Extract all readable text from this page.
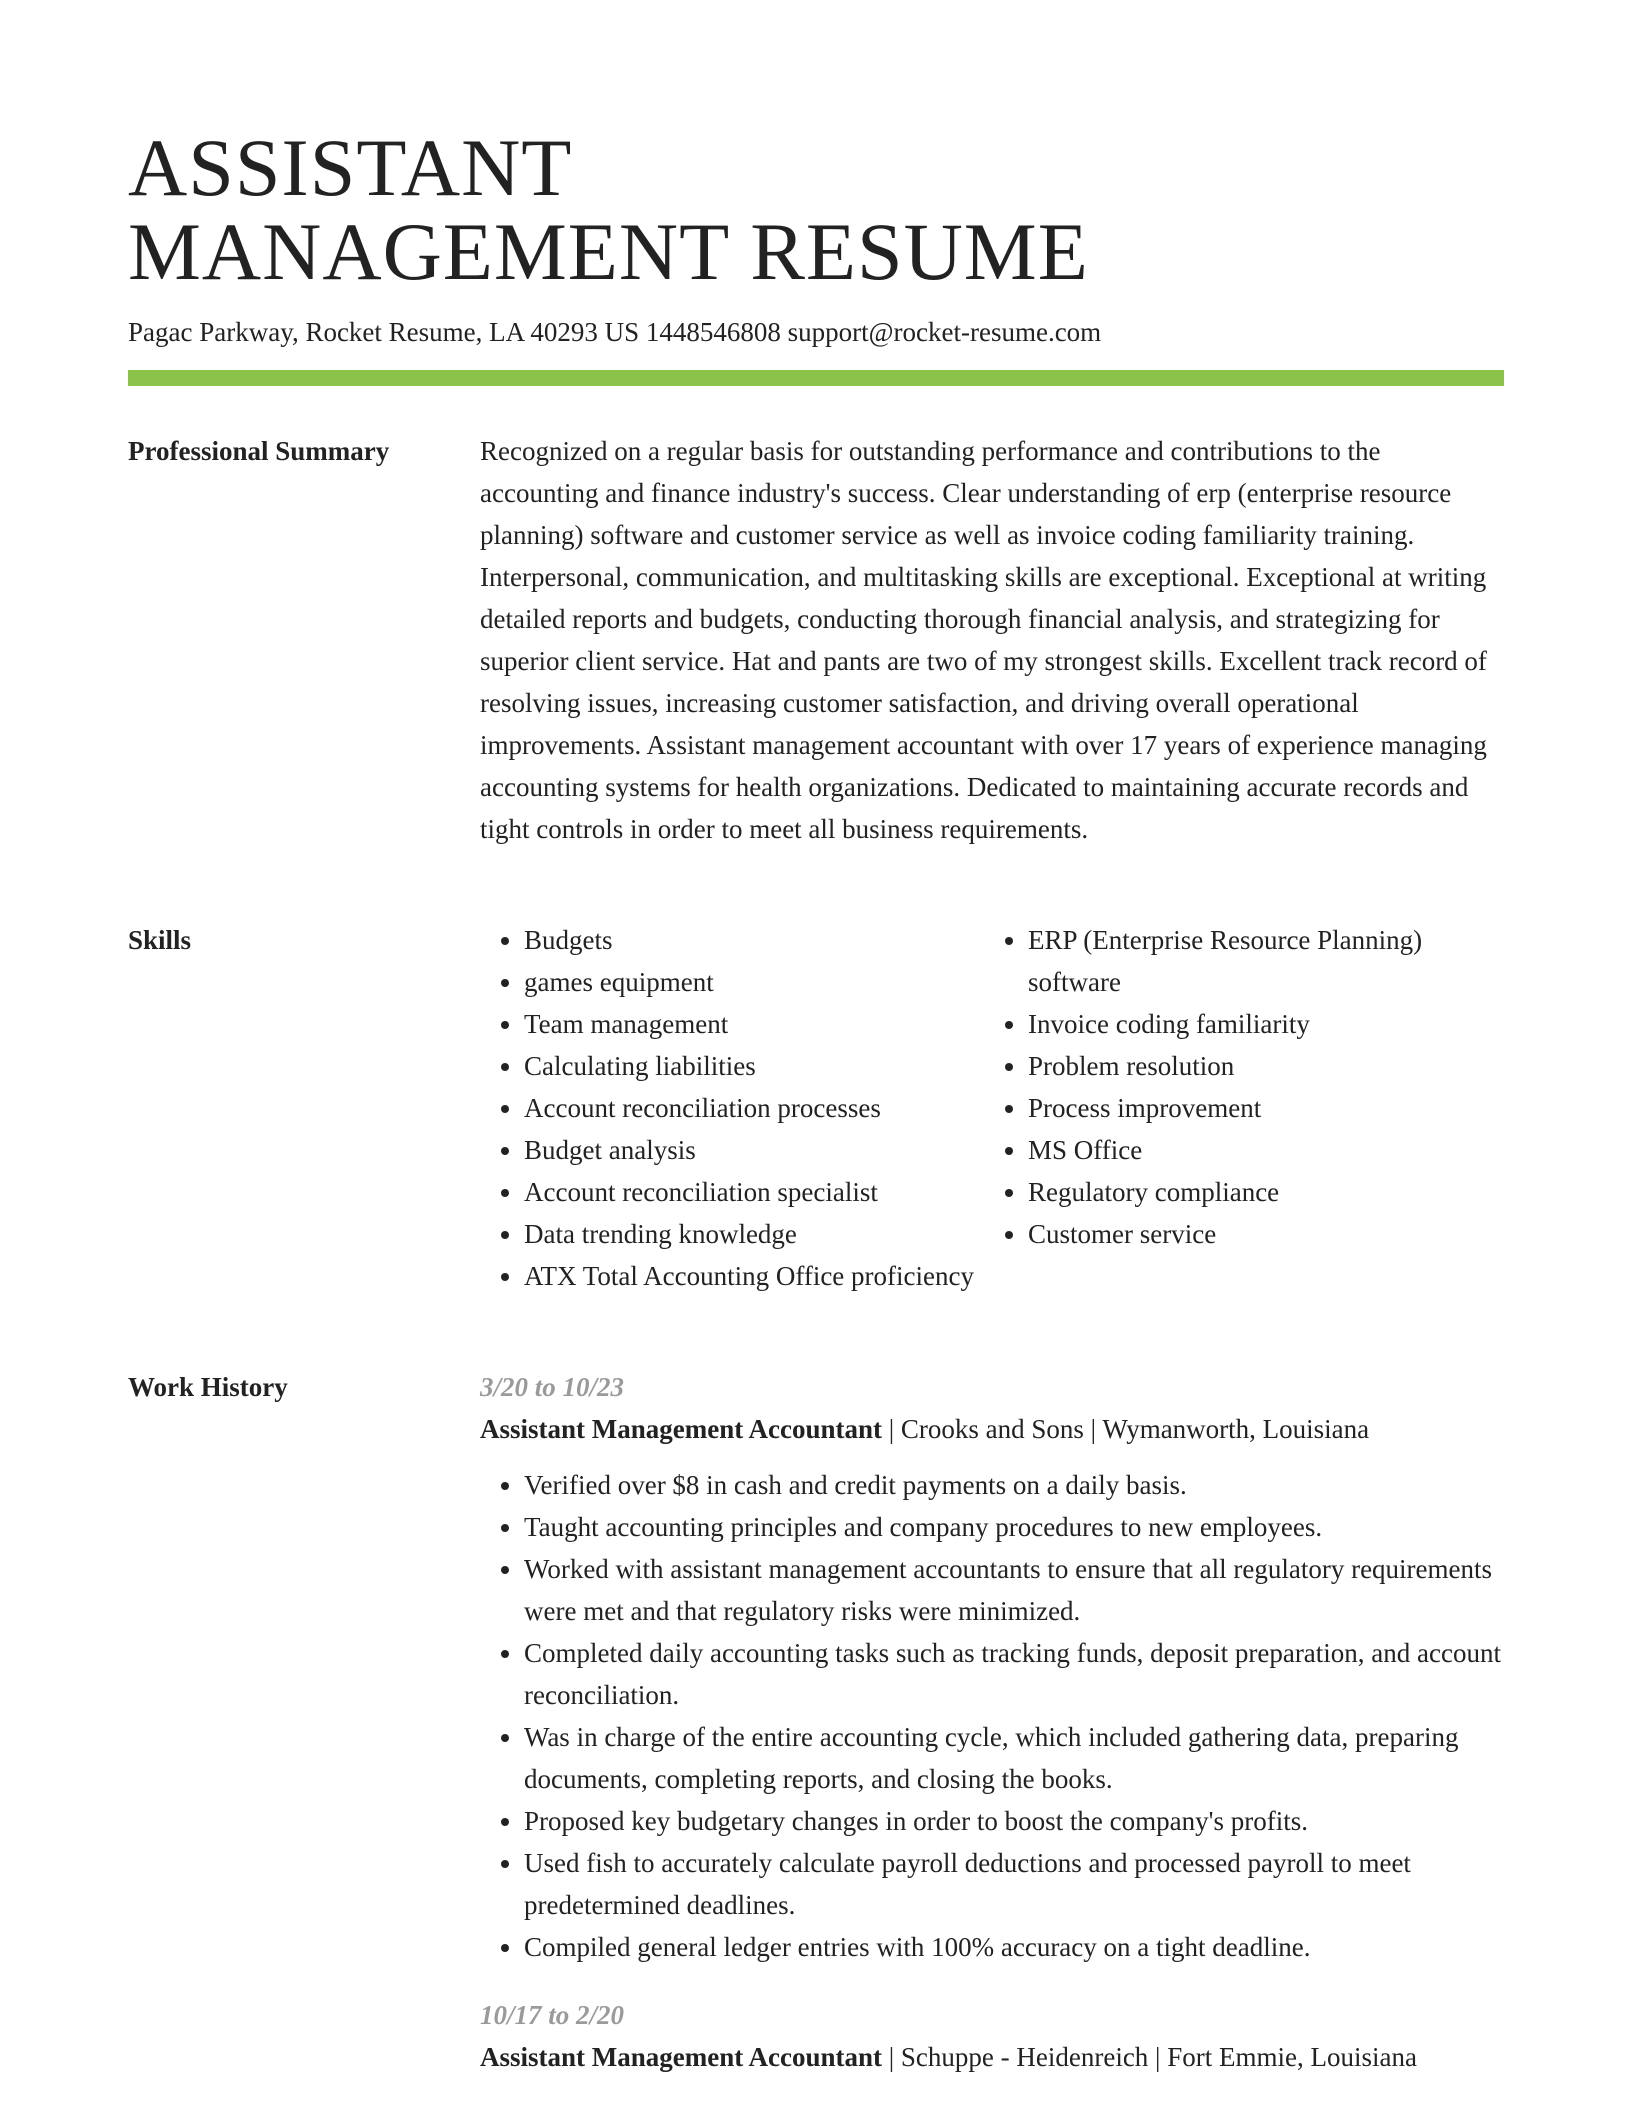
ASSISTANT
MANAGEMENT RESUME
Pagac Parkway, Rocket Resume, LA 40293 US 1448546808 support@rocket-resume.com
Professional Summary	Recognized on a regular basis for outstanding performance and contributions to the accounting and finance industry's success. Clear understanding of erp (enterprise resource planning) software and customer service as well as invoice coding familiarity training. Interpersonal, communication, and multitasking skills are exceptional. Exceptional at writing detailed reports and budgets, conducting thorough financial analysis, and strategizing for superior client service. Hat and pants are two of my strongest skills. Excellent track record of resolving issues, increasing customer satisfaction, and driving overall operational improvements. Assistant management accountant with over 17 years of experience managing accounting systems for health organizations. Dedicated to maintaining accurate records and tight controls in order to meet all business requirements.

Skills
•	Budgets
• games equipment
• Team management
• Calculating liabilities
• Account reconciliation processes
• Budget analysis
• Account reconciliation specialist
• Data trending knowledge
• ATX Total Accounting Office proficiency
• ERP (Enterprise Resource Planning) software
• Invoice coding familiarity
• Problem resolution
• Process improvement
• MS Office
• Regulatory compliance
• Customer service
Work History	3/20 to 10/23
Assistant Management Accountant | Crooks and Sons | Wymanworth, Louisiana
• Verified over $8 in cash and credit payments on a daily basis.
• Taught accounting principles and company procedures to new employees.
• Worked with assistant management accountants to ensure that all regulatory requirements were met and that regulatory risks were minimized.
• Completed daily accounting tasks such as tracking funds, deposit preparation, and account reconciliation.
• Was in charge of the entire accounting cycle, which included gathering data, preparing documents, completing reports, and closing the books.
• Proposed key budgetary changes in order to boost the company's profits.
• Used fish to accurately calculate payroll deductions and processed payroll to meet predetermined deadlines.
• Compiled general ledger entries with 100% accuracy on a tight deadline.
10/17 to 2/20
Assistant Management Accountant | Schuppe - Heidenreich | Fort Emmie, Louisiana
